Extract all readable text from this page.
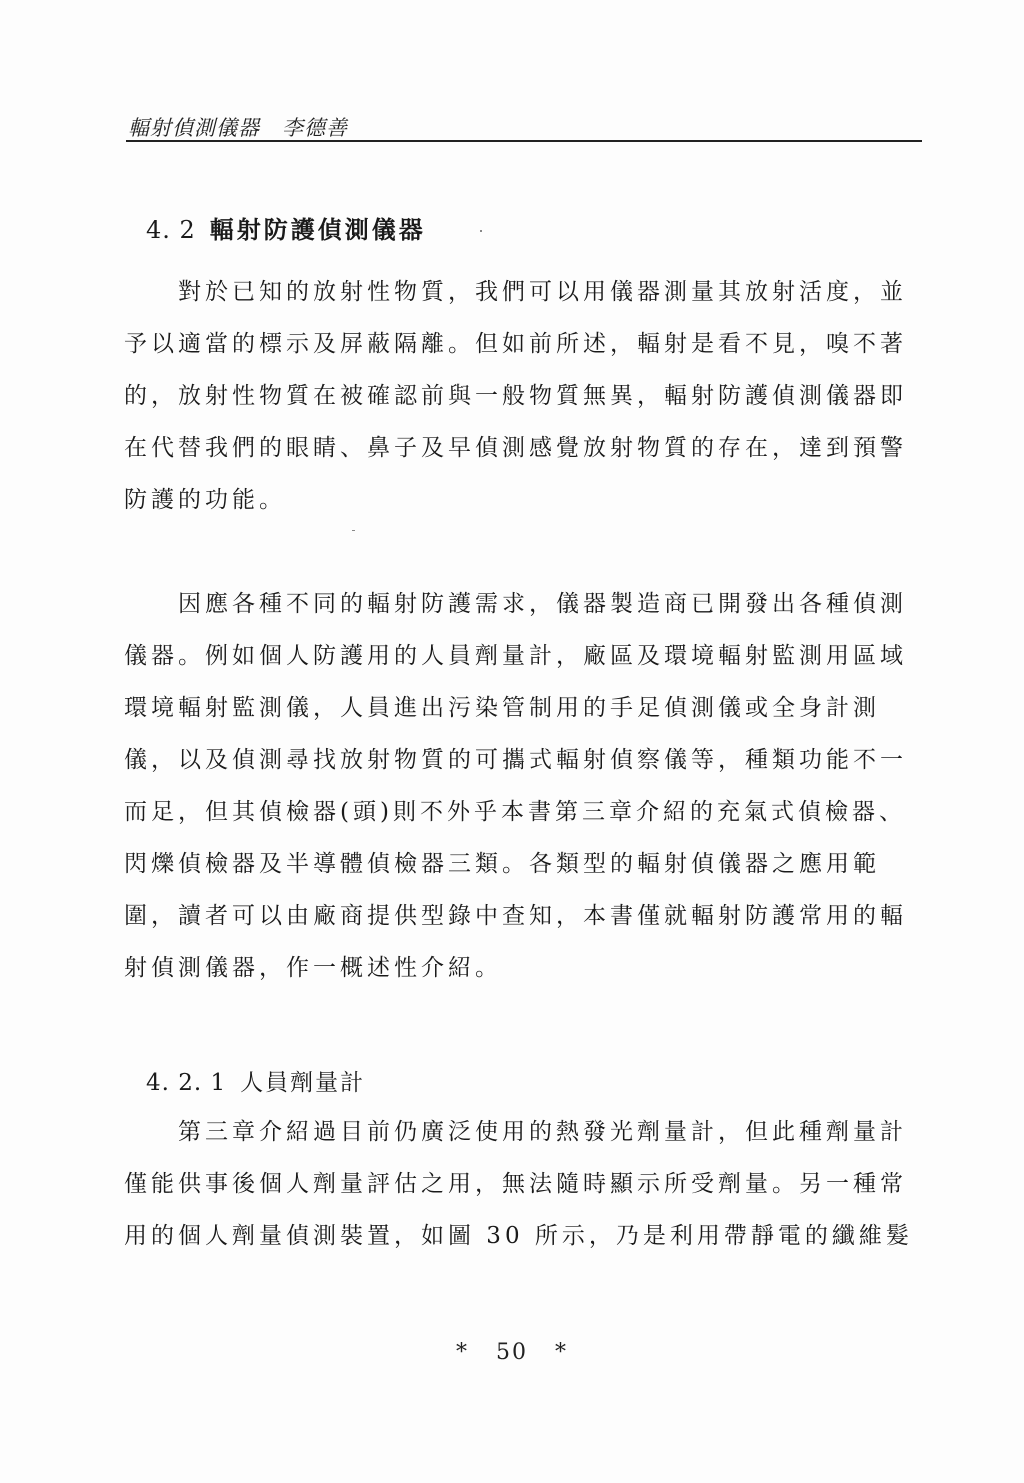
輻射偵測儀器　李德善
4. 2 輻射防護偵測儀器
　　對於已知的放射性物質，我們可以用儀器測量其放射活度，並
予以適當的標示及屏蔽隔離。但如前所述，輻射是看不見，嗅不著
的，放射性物質在被確認前與一般物質無異，輻射防護偵測儀器即
在代替我們的眼睛、鼻子及早偵測感覺放射物質的存在，達到預警
防護的功能。
　　因應各種不同的輻射防護需求，儀器製造商已開發出各種偵測
儀器。例如個人防護用的人員劑量計，廠區及環境輻射監測用區域
環境輻射監測儀，人員進出污染管制用的手足偵測儀或全身計測
儀，以及偵測尋找放射物質的可攜式輻射偵察儀等，種類功能不一
而足，但其偵檢器(頭)則不外乎本書第三章介紹的充氣式偵檢器、
閃爍偵檢器及半導體偵檢器三類。各類型的輻射偵儀器之應用範
圍，讀者可以由廠商提供型錄中查知，本書僅就輻射防護常用的輻
射偵測儀器，作一概述性介紹。
4. 2. 1 人員劑量計
　　第三章介紹過目前仍廣泛使用的熱發光劑量計，但此種劑量計
僅能供事後個人劑量評估之用，無法隨時顯示所受劑量。另一種常
用的個人劑量偵測裝置，如圖 30 所示，乃是利用帶靜電的纖維髮
*   50   *
